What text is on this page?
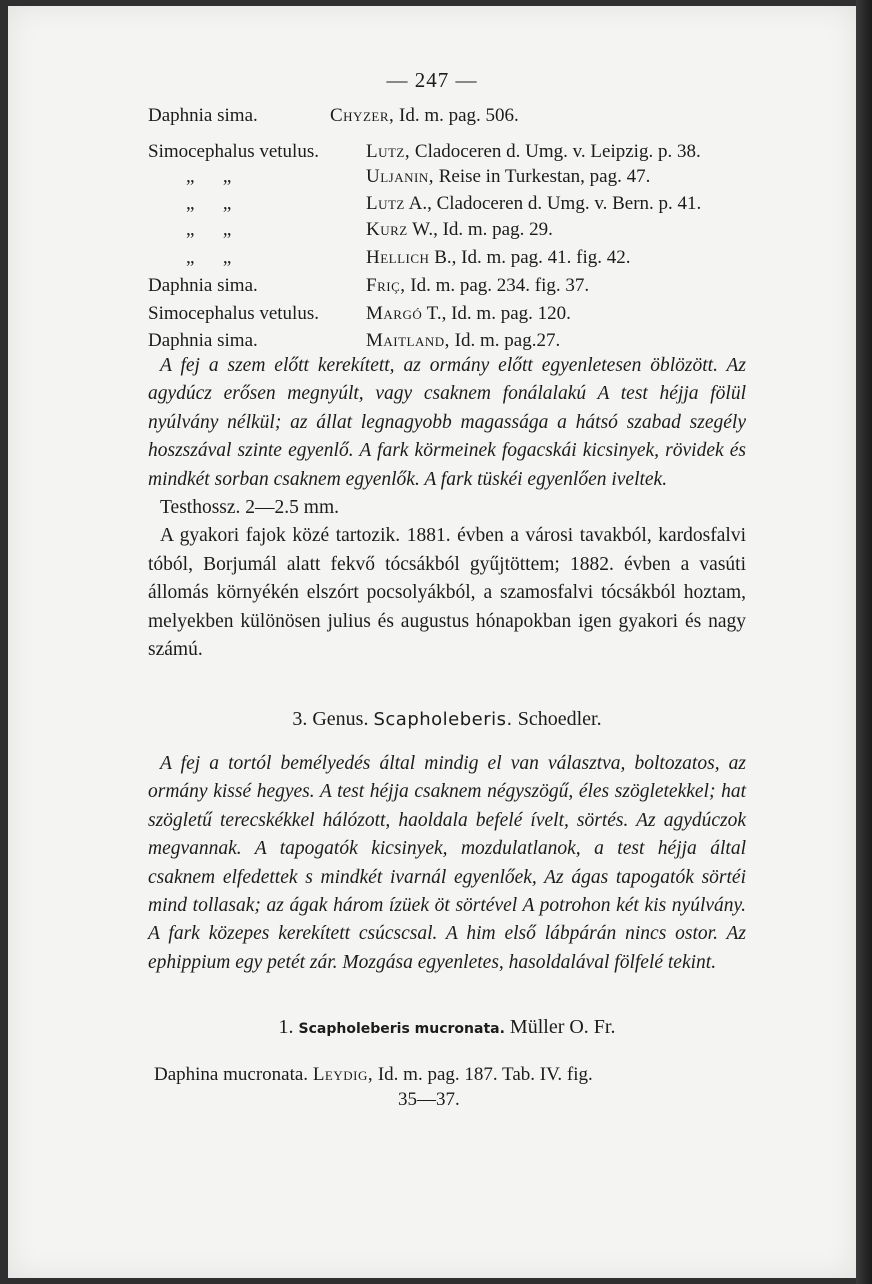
— 247 —
Daphnia sima.	Chyzer, Id. m. pag. 506.
Simocephalus vetulus. Lutz, Cladoceren d. Umg. v. Leipzig. p. 38.
„      „	Uljanin, Reise in Turkestan, pag. 47.
„      „	Lutz A., Cladoceren d. Umg. v. Bern. p. 41.
„      „	Kurz W., Id. m. pag. 29.
„      „	Hellich B., Id. m. pag. 41. fig. 42.
Daphnia sima.	Friç, Id. m. pag. 234. fig. 37.
Simocephalus vetulus. Margó T., Id. m. pag. 120.
Daphnia sima.	Maitland, Id. m. pag.27.

A fej a szem előtt kerekített, az ormány előtt egyenletesen öblözött. Az agydúcz erősen megnyúlt, vagy csaknem fonálalakú A test héjja fölül nyúlvány nélkül; az állat legnagyobb magassága a hátsó szabad szegély hoszszával szinte egyenlő. A fark körmeinek fogacskái kicsinyek, rövidek és mindkét sorban csaknem egyenlők. A fark tüskéi egyenlően iveltek.

Testhossz. 2—2.5 mm.

A gyakori fajok közé tartozik. 1881. évben a városi tavakból, kardosfalvi tóból, Borjumál alatt fekvő tócsákból gyűjtöttem; 1882. évben a vasúti állomás környékén elszórt pocsolyákból, a szamosfalvi tócsákból hoztam, melyekben különösen julius és augustus hónapokban igen gyakori és nagy számú.

3. Genus. Scapholeberis. Schoedler.

A fej a tortól bemélyedés által mindig el van választva, boltozatos, az ormány kissé hegyes. A test héjja csaknem négyszögű, éles szögletekkel; hat szögletű terecskékkel hálózott, haoldala befelé ívelt, sörtés. Az agydúczok megvannak. A tapogatók kicsinyek, mozdulatlanok, a test héjja által csaknem elfedettek s mindkét ivarnál egyenlőek, Az ágas tapogatók sörtéi mind tollasak; az ágak három ízüek öt sörtével A potrohon két kis nyúlvány. A fark közepes kerekített csúcscsal. A him első lábpárán nincs ostor. Az ephippium egy petét zár. Mozgása egyenletes, hasoldalával fölfelé tekint.

1. Scapholeberis mucronata. Müller O. Fr.
Daphina mucronata. Leydig, Id. m. pag. 187. Tab. IV. fig.
35—37.
